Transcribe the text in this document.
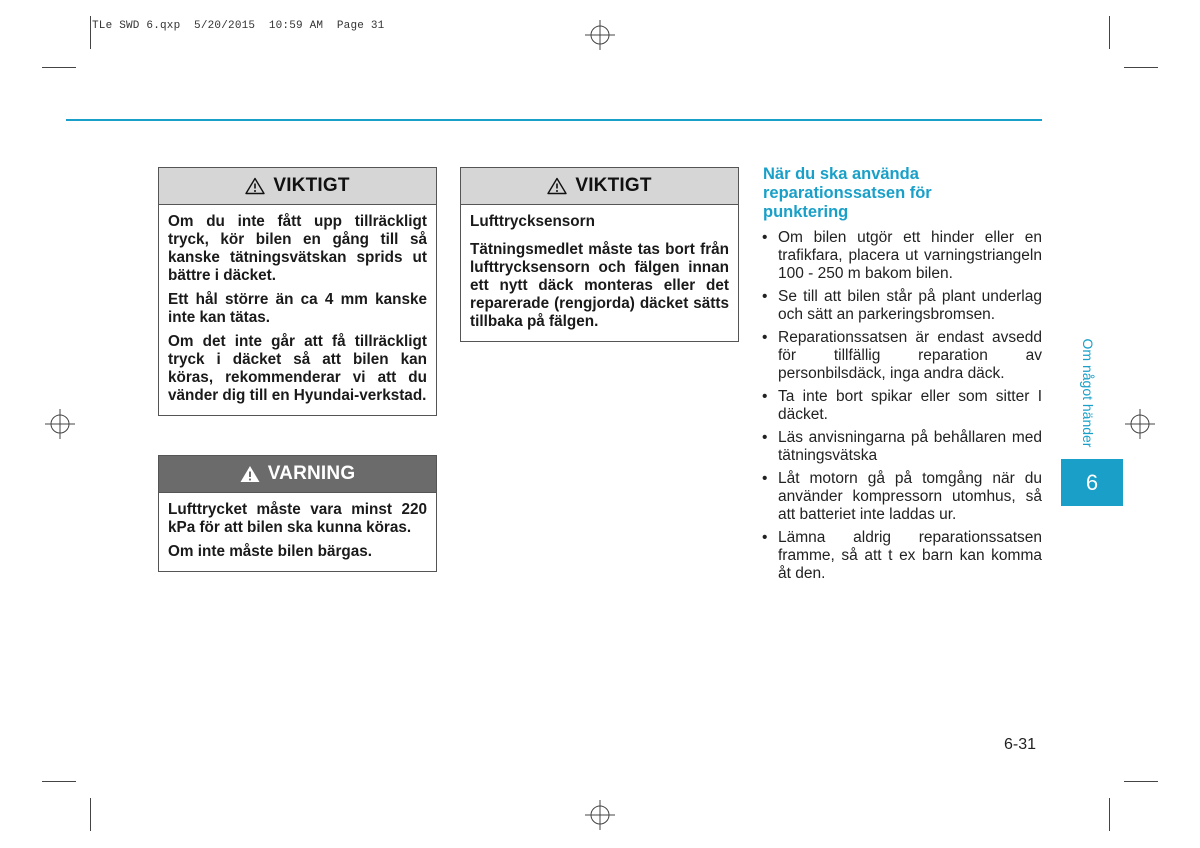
TLe SWD 6.qxp  5/20/2015  10:59 AM  Page 31
VIKTIGT

Om du inte fått upp tillräckligt tryck, kör bilen en gång till så kanske tätningsvätskan sprids ut bättre i däcket.

Ett hål större än ca 4 mm kanske inte kan tätas.

Om det inte går att få tillräckligt tryck i däcket så att bilen kan köras, rekommenderar vi att du vänder dig till en Hyundai-verkstad.

VARNING

Lufttrycket måste vara minst 220 kPa för att bilen ska kunna köras.

Om inte måste bilen bärgas.

VIKTIGT

Lufttrycksensorn

Tätningsmedlet måste tas bort från lufttrycksensorn och fälgen innan ett nytt däck monteras eller det reparerade (rengjorda) däcket sätts tillbaka på fälgen.

När du ska använda reparationssatsen för punktering
• Om bilen utgör ett hinder eller en trafikfara, placera ut varningstriangeln 100 - 250 m bakom bilen.
• Se till att bilen står på plant underlag och sätt an parkeringsbromsen.
• Reparationssatsen är endast avsedd för tillfällig reparation av personbilsdäck, inga andra däck.
• Ta inte bort spikar eller som sitter I däcket.
• Läs anvisningarna på behållaren med tätningsvätska
• Låt motorn gå på tomgång när du använder kompressorn utomhus, så att batteriet inte laddas ur.
• Lämna aldrig reparationssatsen framme, så att t ex barn kan komma åt den.
Om något händer
6
6-31
